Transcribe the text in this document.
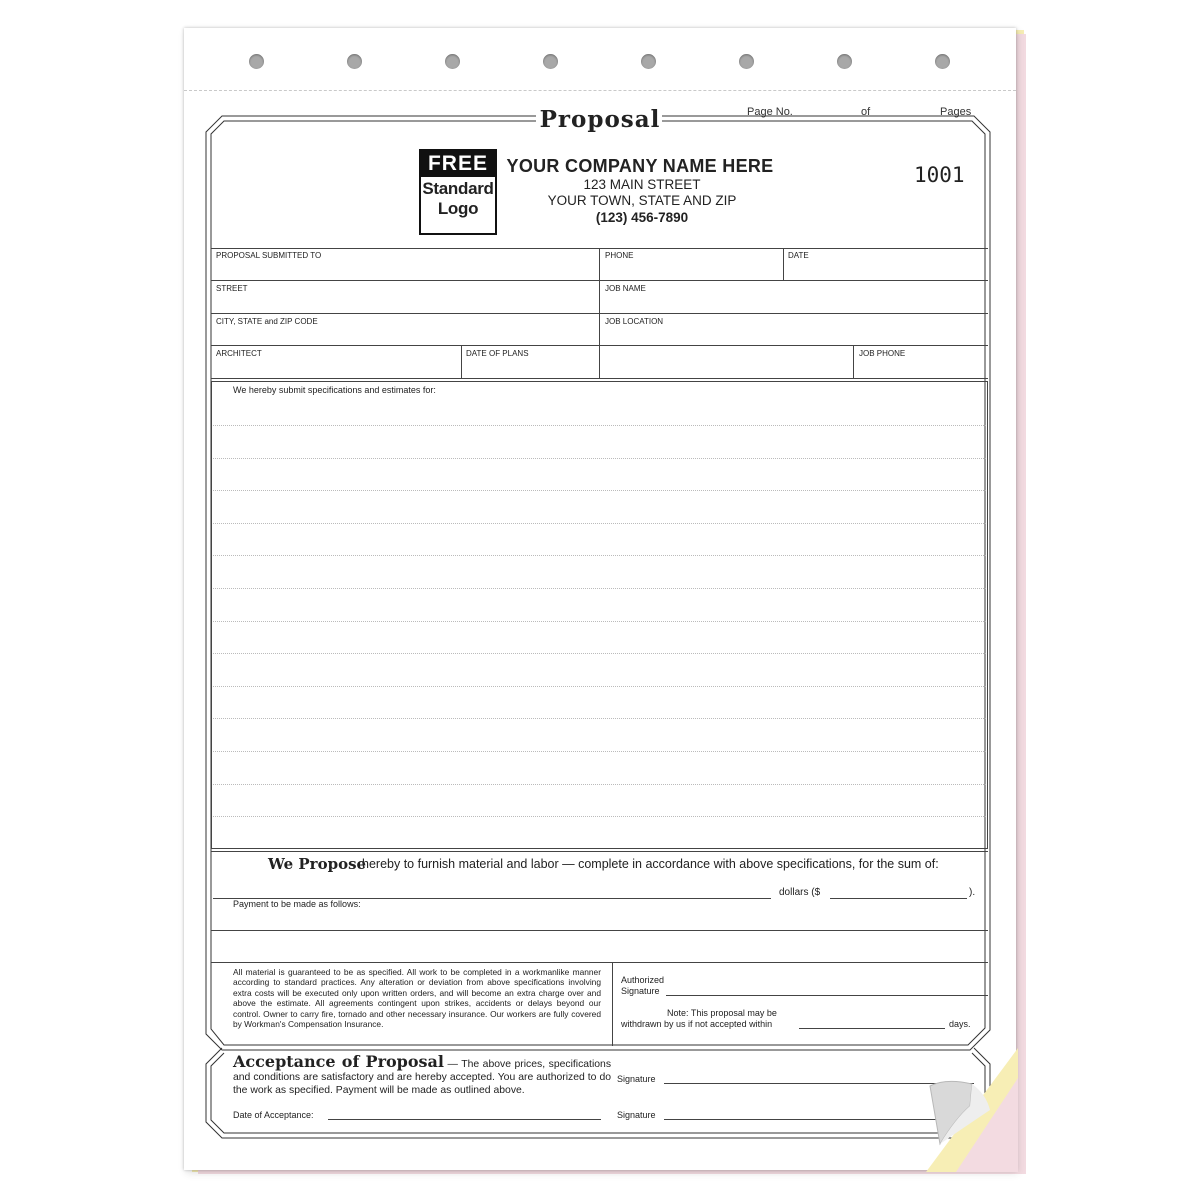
Proposal	Page No.	of	Pages
FREE
Standard
Logo
YOUR COMPANY NAME HERE
123 MAIN STREET
YOUR TOWN, STATE AND ZIP
(123) 456-7890
1001
PROPOSAL SUBMITTED TO	PHONE	DATE
STREET	JOB NAME
CITY, STATE and ZIP CODE	JOB LOCATION
ARCHITECT	DATE OF PLANS	JOB PHONE
We hereby submit specifications and estimates for:
We Propose
hereby to furnish material and labor — complete in accordance with above specifications, for the sum of:
dollars ($	).
Payment to be made as follows:
All material is guaranteed to be as specified. All work to be completed in a workmanlike manner according to standard practices. Any alteration or deviation from above specifications involving extra costs will be executed only upon written orders, and will become an extra charge over and above the estimate. All agreements contingent upon strikes, accidents or delays beyond our control. Owner to carry fire, tornado and other necessary insurance. Our workers are fully covered by Workman's Compensation Insurance.
Authorized
Signature
Note: This proposal may be
withdrawn by us if not accepted within	days.
Acceptance of Proposal — The above prices, specifications and conditions are satisfactory and are hereby accepted. You are authorized to do the work as specified. Payment will be made as outlined above.
Date of Acceptance:
Signature
Signature
